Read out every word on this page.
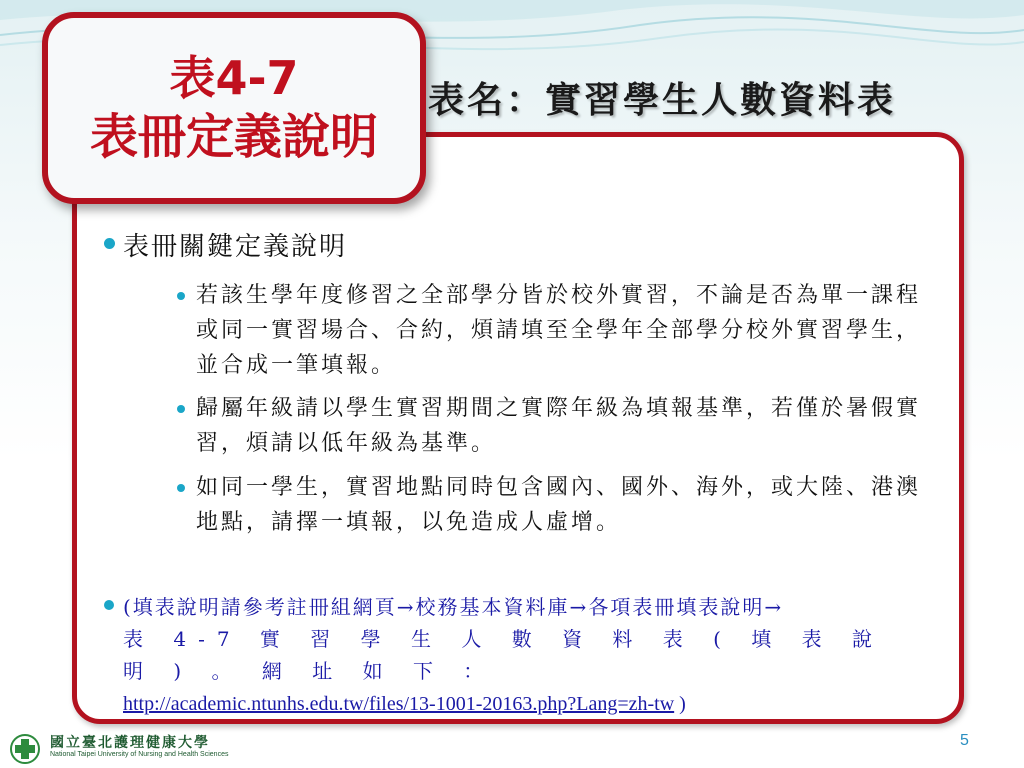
表4-7
表冊定義說明
表名：實習學生人數資料表
表冊關鍵定義說明
若該生學年度修習之全部學分皆於校外實習，不論是否為單一課程或同一實習場合、合約，煩請填至全學年全部學分校外實習學生，並合成一筆填報。
歸屬年級請以學生實習期間之實際年級為填報基準，若僅於暑假實習，煩請以低年級為基準。
如同一學生，實習地點同時包含國內、國外、海外，或大陸、港澳地點，請擇一填報，以免造成人虛增。
(填表說明請參考註冊組網頁→校務基本資料庫→各項表冊填表說明→
表 4-7 實 習 學 生 人 數 資 料 表 ( 填 表 說 明 ) 。 網 址 如 下 ：
http://academic.ntunhs.edu.tw/files/13-1001-20163.php?Lang=zh-tw )
國立臺北護理健康大學
National Taipei University of Nursing and Health Sciences
5
